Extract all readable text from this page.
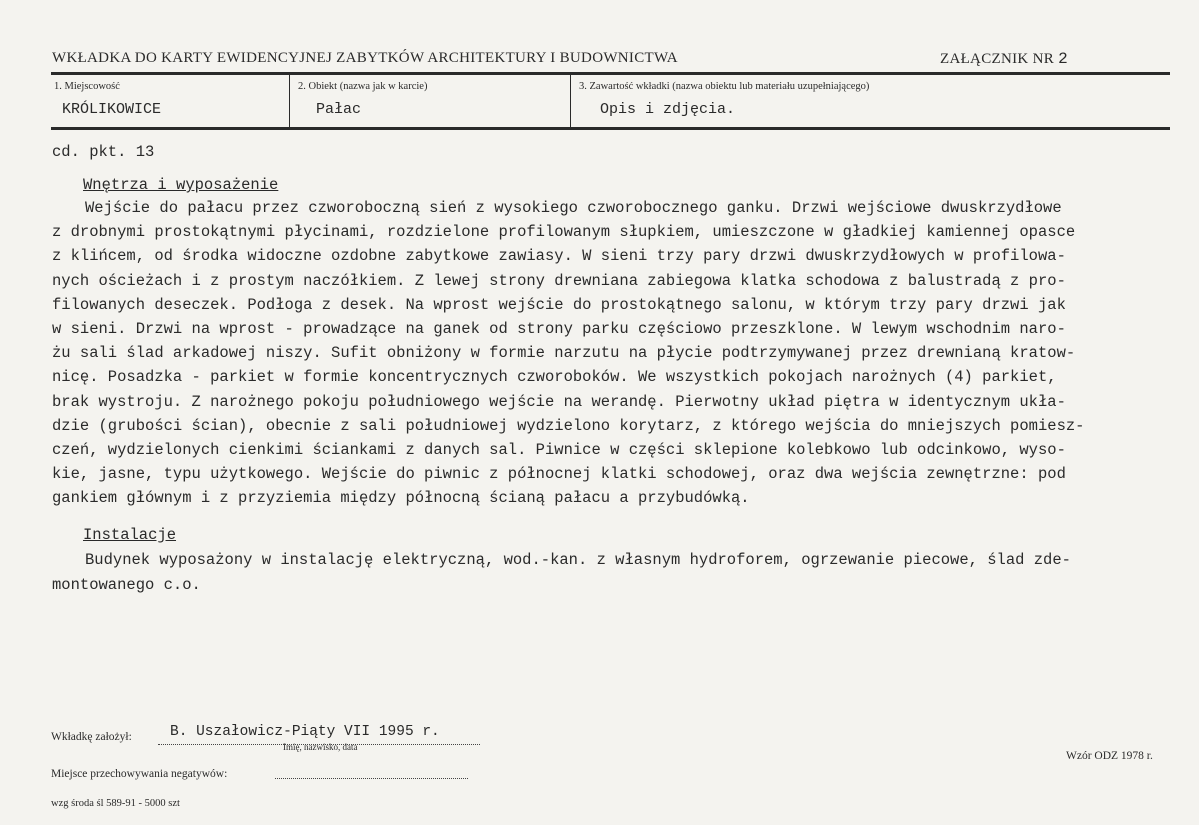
WKŁADKA DO KARTY EWIDENCYJNEJ ZABYTKÓW ARCHITEKTURY I BUDOWNICTWA	ZAŁĄCZNIK NR 2
1. Miejscowość
KRÓLIKOWICE
2. Obiekt (nazwa jak w karcie)
Pałac
3. Zawartość wkładki (nazwa obiektu lub materiału uzupełniającego)
Opis i zdjęcia.
cd. pkt. 13
Wnętrza i wyposażenie
Wejście do pałacu przez czworoboczną sień z wysokiego czworobocznego ganku. Drzwi wejściowe dwuskrzydłowe
z drobnymi prostokątnymi płycinami, rozdzielone profilowanym słupkiem, umieszczone w gładkiej kamiennej opasce
z klińcem, od środka widoczne ozdobne zabytkowe zawiasy. W sieni trzy pary drzwi dwuskrzydłowych w profilowa-
nych ościeżach i z prostym naczółkiem. Z lewej strony drewniana zabiegowa klatka schodowa z balustradą z pro-
filowanych deseczek. Podłoga z desek. Na wprost wejście do prostokątnego salonu, w którym trzy pary drzwi jak
w sieni. Drzwi na wprost - prowadzące na ganek od strony parku częściowo przeszklone. W lewym wschodnim naro-
żu sali ślad arkadowej niszy. Sufit obniżony w formie narzutu na płycie podtrzymywanej przez drewnianą kratow-
nicę. Posadzka - parkiet w formie koncentrycznych czworoboków. We wszystkich pokojach narożnych (4) parkiet,
brak wystroju. Z narożnego pokoju południowego wejście na werandę. Pierwotny układ piętra w identycznym ukła-
dzie (grubości ścian), obecnie z sali południowej wydzielono korytarz, z którego wejścia do mniejszych pomiesz-
czeń, wydzielonych cienkimi ściankami z danych sal. Piwnice w części sklepione kolebkowo lub odcinkowo, wyso-
kie, jasne, typu użytkowego. Wejście do piwnic z północnej klatki schodowej, oraz dwa wejścia zewnętrzne: pod
gankiem głównym i z przyziemia między północną ścianą pałacu a przybudówką.
Instalacje
Budynek wyposażony w instalację elektryczną, wod.-kan. z własnym hydroforem, ogrzewanie piecowe, ślad zde-
montowanego c.o.
Wkładkę założył:	B. Uszałowicz-Piąty VII 1995 r.
Imię, nazwisko, data
Wzór ODZ 1978 r.
Miejsce przechowywania negatywów:
wzg środa śl 589-91 - 5000 szt
